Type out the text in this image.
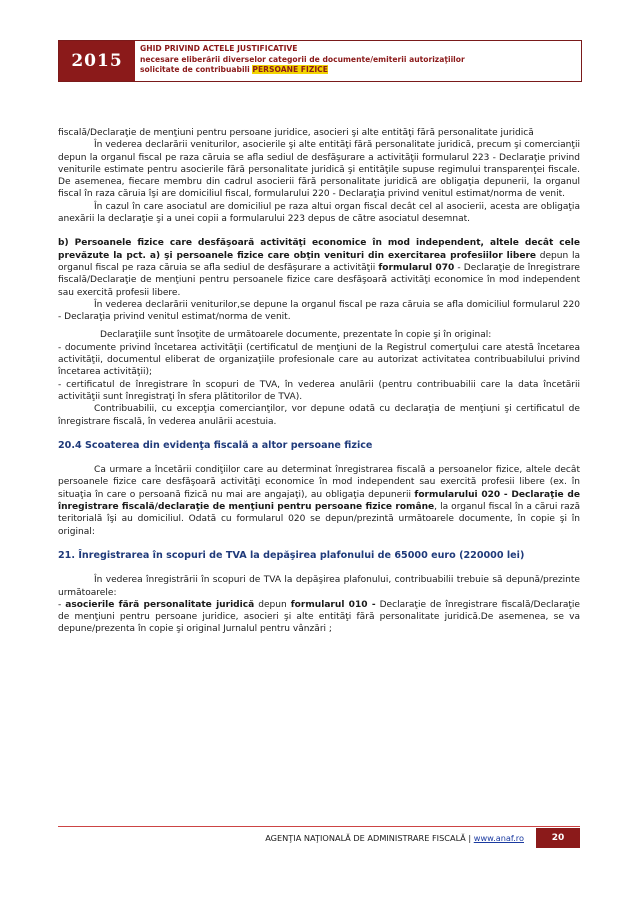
2015
GHID PRIVIND ACTELE JUSTIFICATIVE
necesare eliberării diverselor categorii de documente/emiterii autorizaţiilor
solicitate de contribuabili PERSOANE FIZICE

fiscală/Declaraţie de menţiuni pentru persoane juridice, asocieri şi alte entităţi fără personalitate juridică

În vederea declarării veniturilor, asocierile şi alte entităţi fără personalitate juridică, precum şi comercianţii depun la organul fiscal pe raza căruia se afla sediul de desfăşurare a activităţii formularul 223 - Declaraţie privind veniturile estimate pentru asocierile fără personalitate juridică şi entităţile supuse regimului transparenţei fiscale. De asemenea, fiecare membru din cadrul asocierii fără personalitate juridică are obligaţia depunerii, la organul fiscal în raza căruia îşi are domiciliul fiscal, formularului 220 - Declaraţia privind venitul estimat/norma de venit.

În cazul în care asociatul are domiciliul pe raza altui organ fiscal decât cel al asocierii, acesta are obligaţia anexării la declaraţie şi a unei copii a formularului 223 depus de către asociatul desemnat.

b) Persoanele fizice care desfăşoară activităţi economice în mod independent, altele decât cele prevăzute la pct. a) şi persoanele fizice care obţin venituri din exercitarea profesiilor libere depun la organul fiscal pe raza căruia se afla sediul de desfăşurare a activităţii formularul 070 - Declaraţie de înregistrare fiscală/Declaraţie de menţiuni pentru persoanele fizice care desfăşoară activităţi economice în mod independent sau exercită profesii libere.

În vederea declarării veniturilor,se depune la organul fiscal pe raza căruia se afla domiciliul formularul 220 - Declaraţia privind venitul estimat/norma de venit.

Declaraţiile sunt însoţite de următoarele documente, prezentate în copie şi în original:

- documente privind încetarea activităţii (certificatul de menţiuni de la Registrul comerţului care atestă încetarea activităţii, documentul eliberat de organizaţiile profesionale care au autorizat activitatea contribuabilului privind încetarea activităţii);

- certificatul de înregistrare în scopuri de TVA, în vederea anulării (pentru contribuabilii care la data încetării activităţii sunt înregistraţi în sfera plătitorilor de TVA).

Contribuabilii, cu excepţia comercianţilor, vor depune odată cu declaraţia de menţiuni şi certificatul de înregistrare fiscală, în vederea anulării acestuia.

20.4 Scoaterea din evidenţa fiscală a altor persoane fizice

Ca urmare a încetării condiţiilor care au determinat înregistrarea fiscală a persoanelor fizice, altele decât persoanele fizice care desfăşoară activităţi economice în mod independent sau exercită profesii libere (ex. în situaţia în care o persoană fizică nu mai are angajaţi), au obligaţia depunerii formularului 020 - Declaraţie de înregistrare fiscală/declaraţie de menţiuni pentru persoane fizice române, la organul fiscal în a cărui rază teritorială îşi au domiciliul. Odată cu formularul 020 se depun/prezintă următoarele documente, în copie şi în original:

21. Înregistrarea în scopuri de TVA la depăşirea plafonului de 65000 euro (220000 lei)

În vederea înregistrării în scopuri de TVA la depăşirea plafonului, contribuabilii trebuie să depună/prezinte următoarele:

- asocierile fără personalitate juridică depun formularul 010 - Declaraţie de înregistrare fiscală/Declaraţie de menţiuni pentru persoane juridice, asocieri şi alte entităţi fără personalitate juridică.De asemenea, se va depune/prezenta în copie şi original Jurnalul pentru vânzări ;

AGENŢIA NAŢIONALĂ DE ADMINISTRARE FISCALĂ | www.anaf.ro	20
